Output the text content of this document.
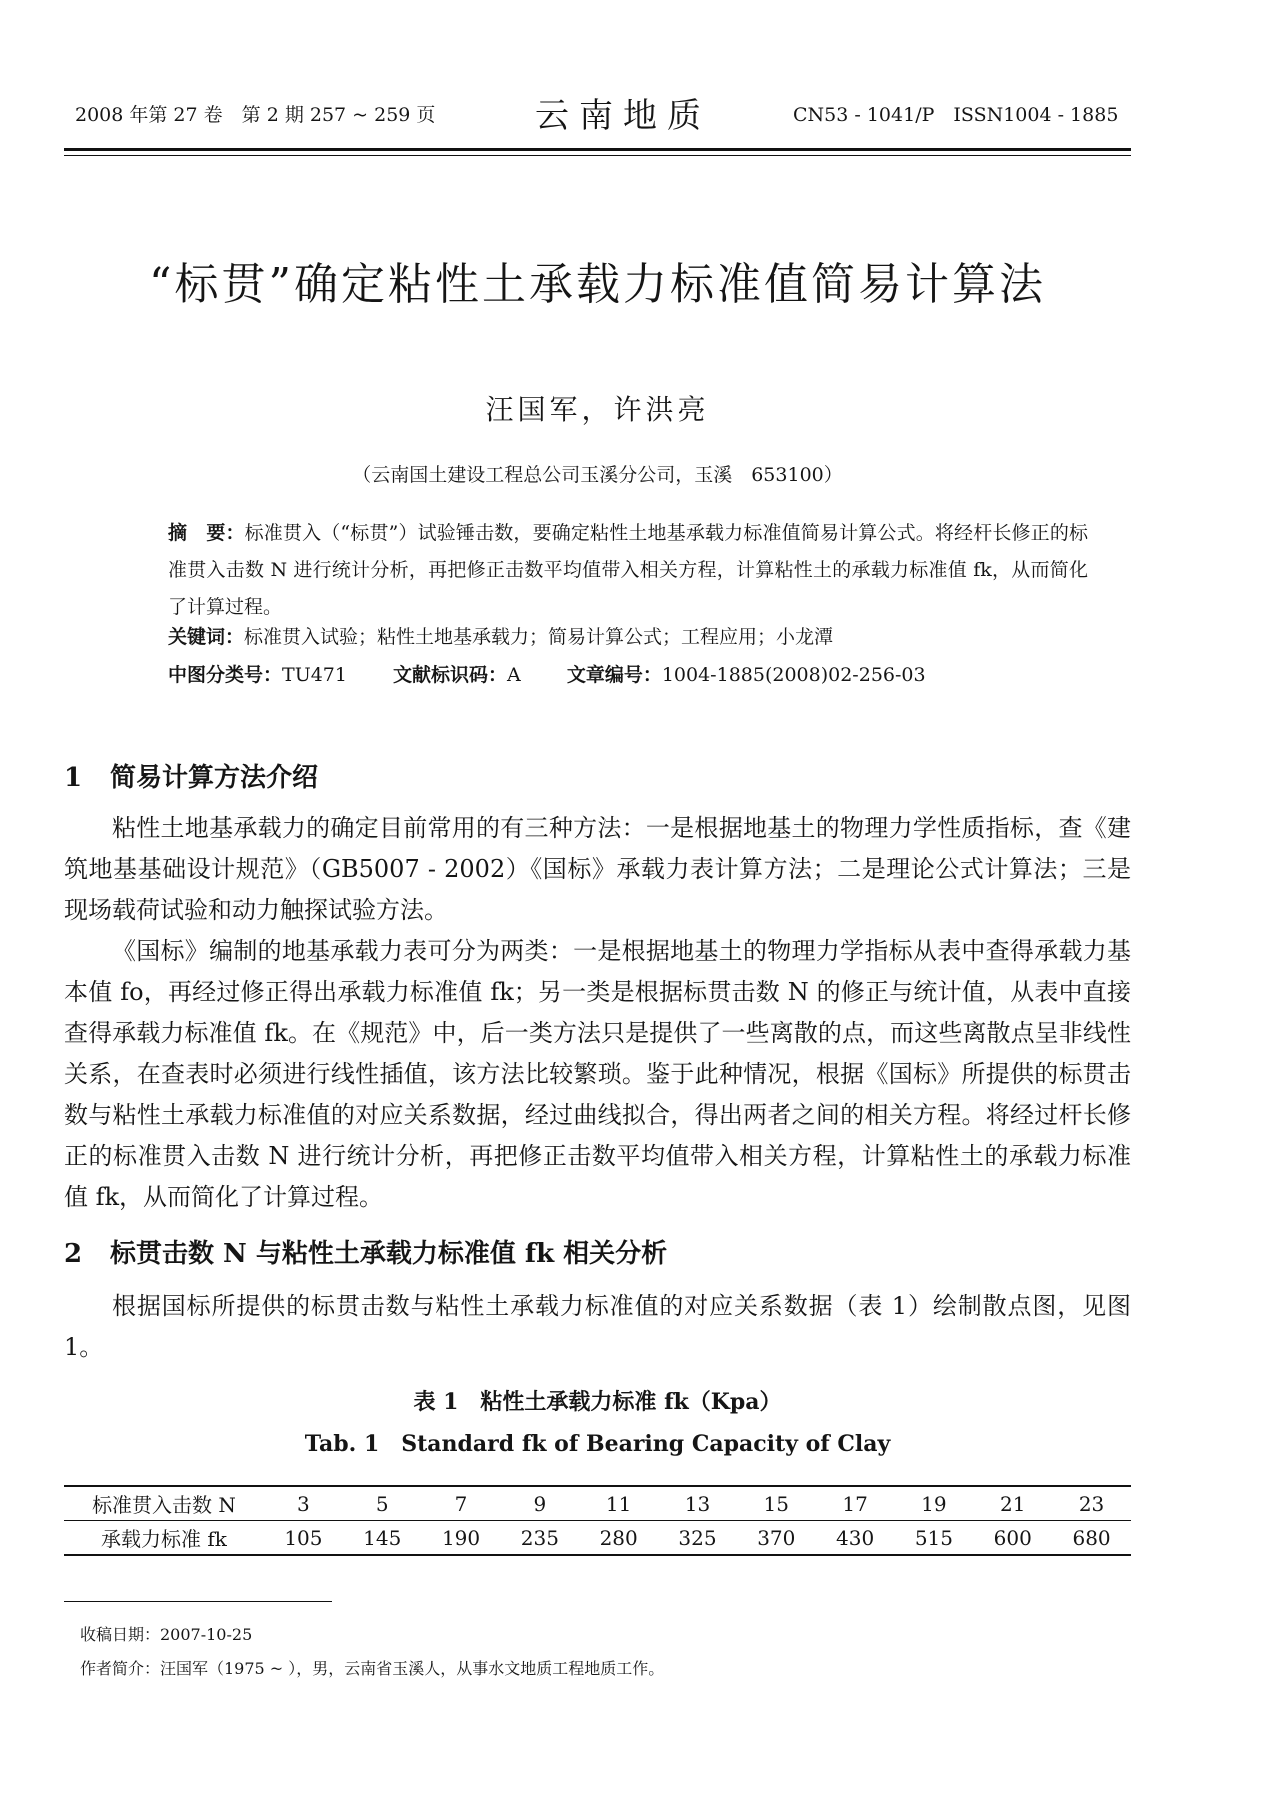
2008 年第 27 卷　第 2 期 257 ~ 259 页	云南地质	CN53 - 1041/P　ISSN1004 - 1885
“标贯”确定粘性土承载力标准值简易计算法
汪国军，许洪亮
（云南国土建设工程总公司玉溪分公司，玉溪　653100）
摘　要：标准贯入（“标贯”）试验锤击数，要确定粘性土地基承载力标准值简易计算公式。将经杆长修正的标准贯入击数 N 进行统计分析，再把修正击数平均值带入相关方程，计算粘性土的承载力标准值 fk，从而简化了计算过程。
关键词：标准贯入试验；粘性土地基承载力；简易计算公式；工程应用；小龙潭
中图分类号：TU471 文献标识码：A 文章编号：1004-1885(2008)02-256-03
1 简易计算方法介绍

粘性土地基承载力的确定目前常用的有三种方法：一是根据地基土的物理力学性质指标，查《建筑地基基础设计规范》（GB5007 - 2002）《国标》承载力表计算方法；二是理论公式计算法；三是现场载荷试验和动力触探试验方法。

《国标》编制的地基承载力表可分为两类：一是根据地基土的物理力学指标从表中查得承载力基本值 fo，再经过修正得出承载力标准值 fk；另一类是根据标贯击数 N 的修正与统计值，从表中直接查得承载力标准值 fk。在《规范》中，后一类方法只是提供了一些离散的点，而这些离散点呈非线性关系，在查表时必须进行线性插值，该方法比较繁琐。鉴于此种情况，根据《国标》所提供的标贯击数与粘性土承载力标准值的对应关系数据，经过曲线拟合，得出两者之间的相关方程。将经过杆长修正的标准贯入击数 N 进行统计分析，再把修正击数平均值带入相关方程，计算粘性土的承载力标准值 fk，从而简化了计算过程。

2 标贯击数 N 与粘性土承载力标准值 fk 相关分析

根据国标所提供的标贯击数与粘性土承载力标准值的对应关系数据（表 1）绘制散点图，见图 1。

表 1　粘性土承载力标准 fk（Kpa）
Tab. 1　Standard fk of Bearing Capacity of Clay
标准贯入击数 N	3	5	7	9	11	13	15	17	19	21	23
承载力标准 fk	105	145	190	235	280	325	370	430	515	600	680
收稿日期：2007-10-25
作者简介：汪国军（1975 ~ ），男，云南省玉溪人，从事水文地质工程地质工作。
